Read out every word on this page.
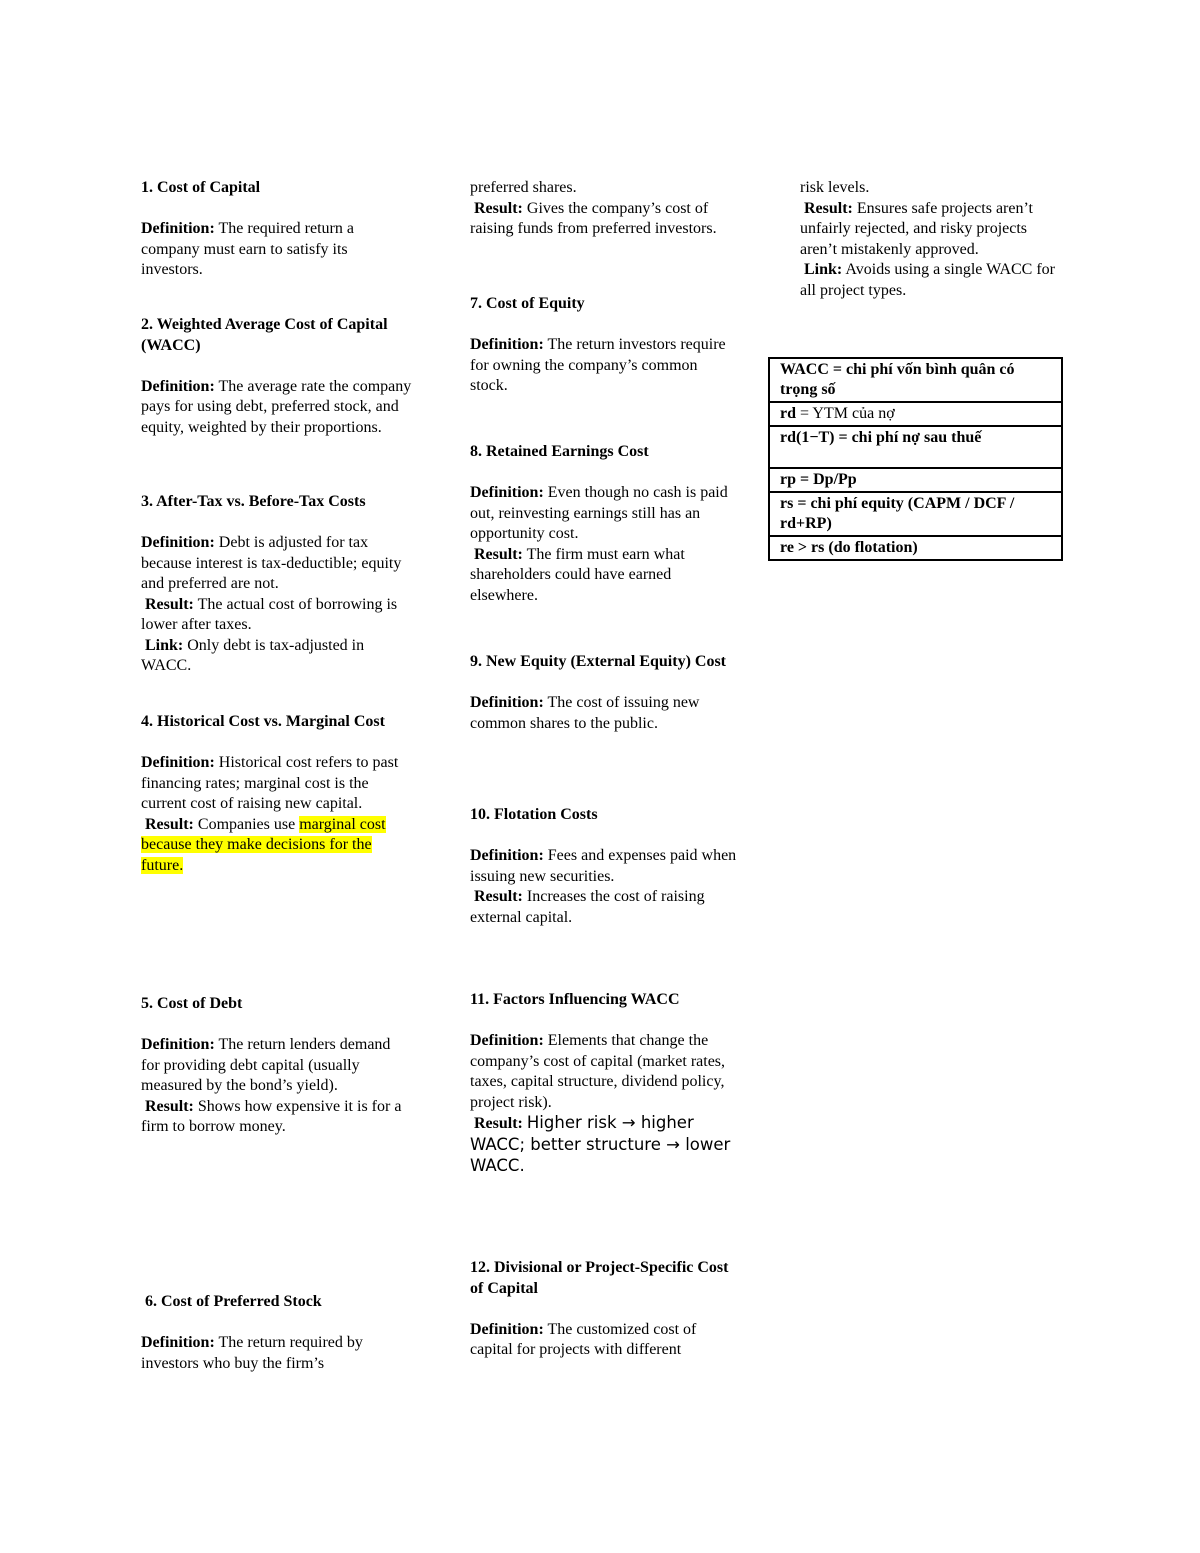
1. Cost of Capital

Definition: The required return a company must earn to satisfy its investors.

2. Weighted Average Cost of Capital (WACC)

Definition: The average rate the company pays for using debt, preferred stock, and equity, weighted by their proportions.

3. After-Tax vs. Before-Tax Costs

Definition: Debt is adjusted for tax because interest is tax-deductible; equity and preferred are not.

Result: The actual cost of borrowing is lower after taxes.

Link: Only debt is tax-adjusted in WACC.

4. Historical Cost vs. Marginal Cost

Definition: Historical cost refers to past financing rates; marginal cost is the current cost of raising new capital.

Result: Companies use marginal cost because they make decisions for the future.

5. Cost of Debt

Definition: The return lenders demand for providing debt capital (usually measured by the bond’s yield).

Result: Shows how expensive it is for a firm to borrow money.

6. Cost of Preferred Stock

Definition: The return required by investors who buy the firm’s

preferred shares.

Result: Gives the company’s cost of raising funds from preferred investors.

7. Cost of Equity

Definition: The return investors require for owning the company’s common stock.

8. Retained Earnings Cost

Definition: Even though no cash is paid out, reinvesting earnings still has an opportunity cost.

Result: The firm must earn what shareholders could have earned elsewhere.

9. New Equity (External Equity) Cost

Definition: The cost of issuing new common shares to the public.

10. Flotation Costs

Definition: Fees and expenses paid when issuing new securities.

Result: Increases the cost of raising external capital.

11. Factors Influencing WACC

Definition: Elements that change the company’s cost of capital (market rates, taxes, capital structure, dividend policy, project risk).

Result: Higher risk → higher WACC; better structure → lower WACC.

12. Divisional or Project-Specific Cost of Capital

Definition: The customized cost of capital for projects with different

risk levels.

Result: Ensures safe projects aren’t unfairly rejected, and risky projects aren’t mistakenly approved.

Link: Avoids using a single WACC for all project types.

WACC = chi phí vốn bình quân có trọng số
rd = YTM của nợ
rd(1−T) = chi phí nợ sau thuế
rp = Dp/Pp
rs = chi phí equity (CAPM / DCF / rd+RP)
re > rs (do flotation)
